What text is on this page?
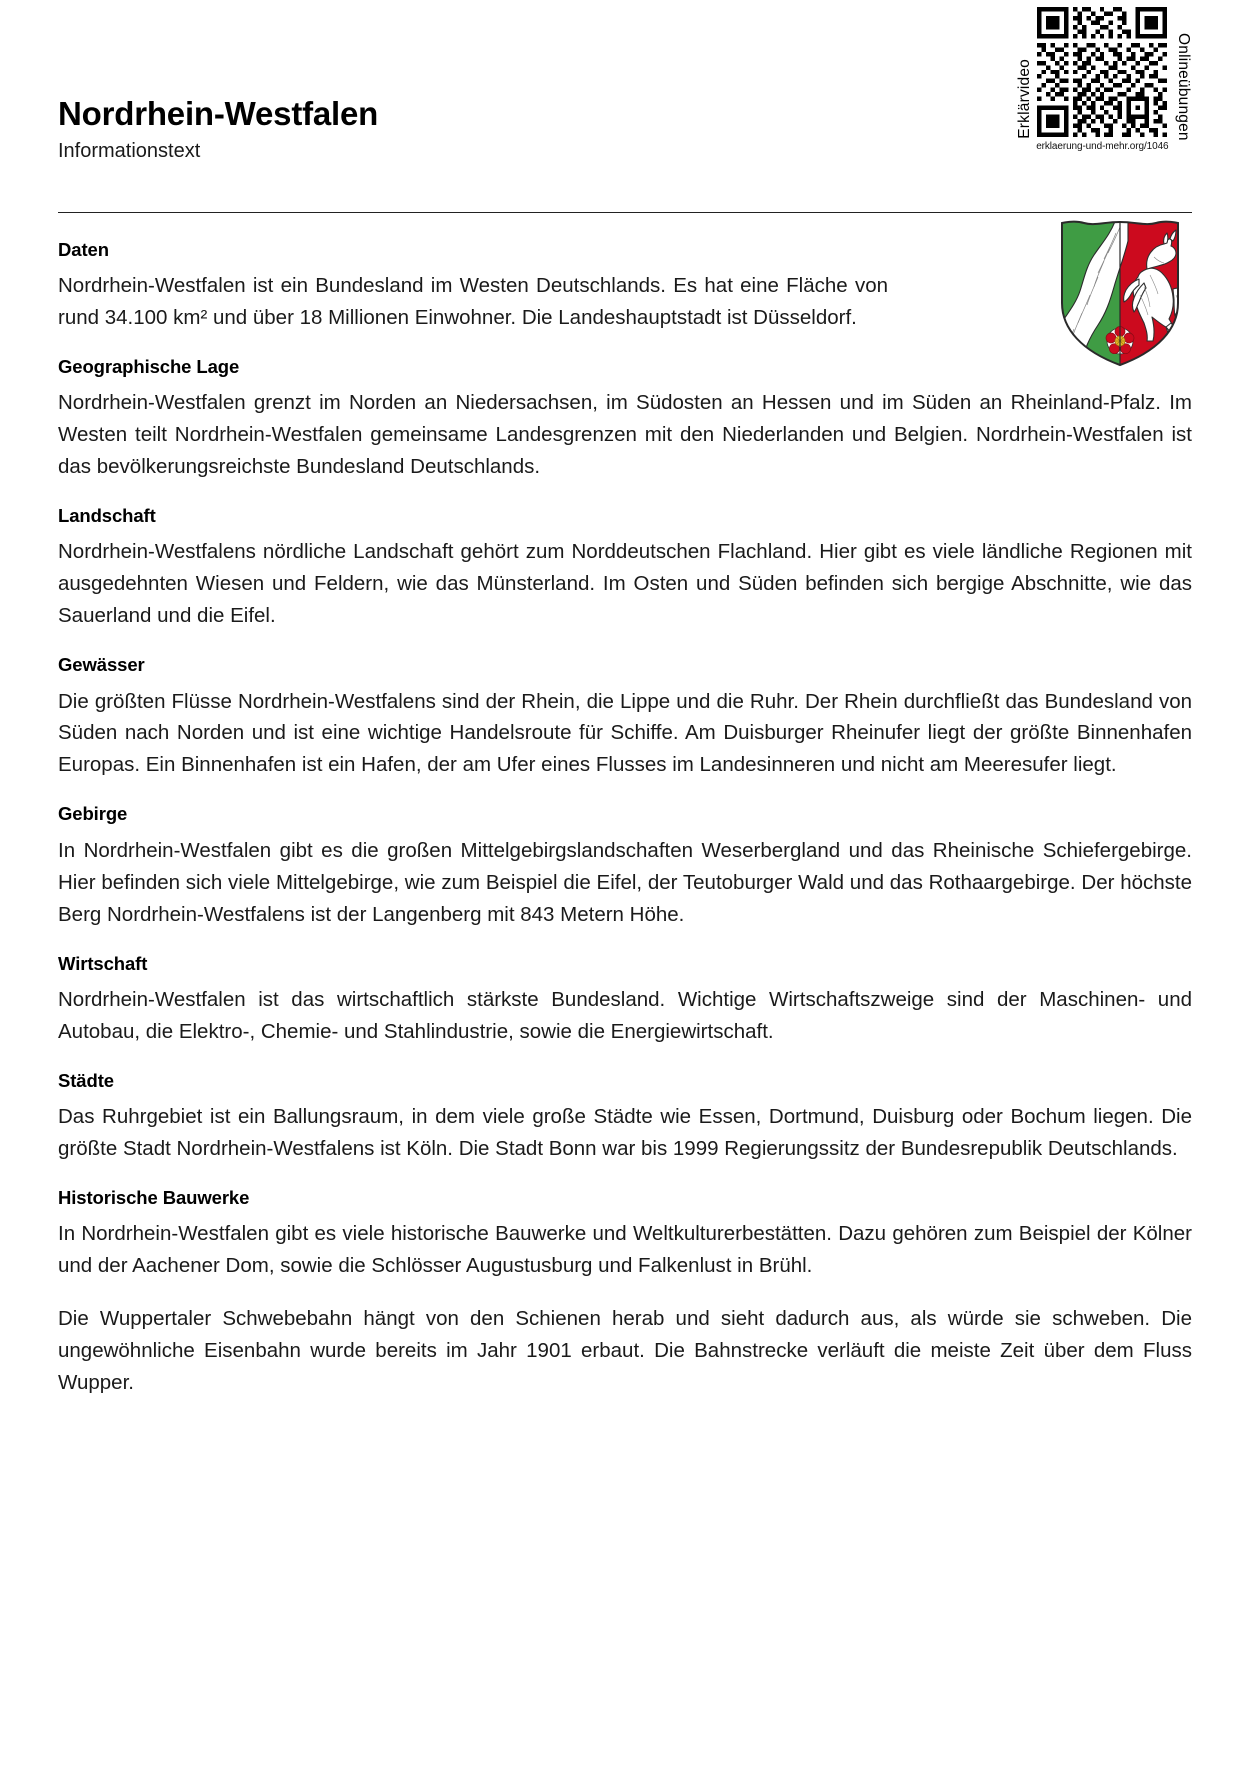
Nordrhein-Westfalen
Informationstext
Erklärvideo
erklaerung-und-mehr.org/1046
Onlineübungen
Daten

Nordrhein-Westfalen ist ein Bundesland im Westen Deutschlands. Es hat eine Fläche von rund 34.100 km² und über 18 Millionen Einwohner. Die Landeshauptstadt ist Düsseldorf.

Geographische Lage

Nordrhein-Westfalen grenzt im Norden an Niedersachsen, im Südosten an Hessen und im Süden an Rheinland-Pfalz. Im Westen teilt Nordrhein-Westfalen gemeinsame Landesgrenzen mit den Niederlanden und Belgien. Nordrhein-Westfalen ist das bevölkerungsreichste Bundesland Deutschlands.

Landschaft

Nordrhein-Westfalens nördliche Landschaft gehört zum Norddeutschen Flachland. Hier gibt es viele ländliche Regionen mit ausgedehnten Wiesen und Feldern, wie das Münsterland. Im Osten und Süden befinden sich bergige Abschnitte, wie das Sauerland und die Eifel.

Gewässer

Die größten Flüsse Nordrhein-Westfalens sind der Rhein, die Lippe und die Ruhr. Der Rhein durchfließt das Bundesland von Süden nach Norden und ist eine wichtige Handelsroute für Schiffe. Am Duisburger Rheinufer liegt der größte Binnenhafen Europas. Ein Binnenhafen ist ein Hafen, der am Ufer eines Flusses im Landesinneren und nicht am Meeresufer liegt.

Gebirge

In Nordrhein-Westfalen gibt es die großen Mittelgebirgslandschaften Weserbergland und das Rheinische Schiefergebirge. Hier befinden sich viele Mittelgebirge, wie zum Beispiel die Eifel, der Teutoburger Wald und das Rothaargebirge. Der höchste Berg Nordrhein-Westfalens ist der Langenberg mit 843 Metern Höhe.

Wirtschaft

Nordrhein-Westfalen ist das wirtschaftlich stärkste Bundesland. Wichtige Wirtschaftszweige sind der Maschinen- und Autobau, die Elektro-, Chemie- und Stahlindustrie, sowie die Energiewirtschaft.

Städte

Das Ruhrgebiet ist ein Ballungsraum, in dem viele große Städte wie Essen, Dortmund, Duisburg oder Bochum liegen. Die größte Stadt Nordrhein-Westfalens ist Köln. Die Stadt Bonn war bis 1999 Regierungssitz der Bundesrepublik Deutschlands.

Historische Bauwerke

In Nordrhein-Westfalen gibt es viele historische Bauwerke und Weltkulturerbestätten. Dazu gehören zum Beispiel der Kölner und der Aachener Dom, sowie die Schlösser Augustusburg und Falkenlust in Brühl.

Die Wuppertaler Schwebebahn hängt von den Schienen herab und sieht dadurch aus, als würde sie schweben. Die ungewöhnliche Eisenbahn wurde bereits im Jahr 1901 erbaut. Die Bahnstrecke verläuft die meiste Zeit über dem Fluss Wupper.
